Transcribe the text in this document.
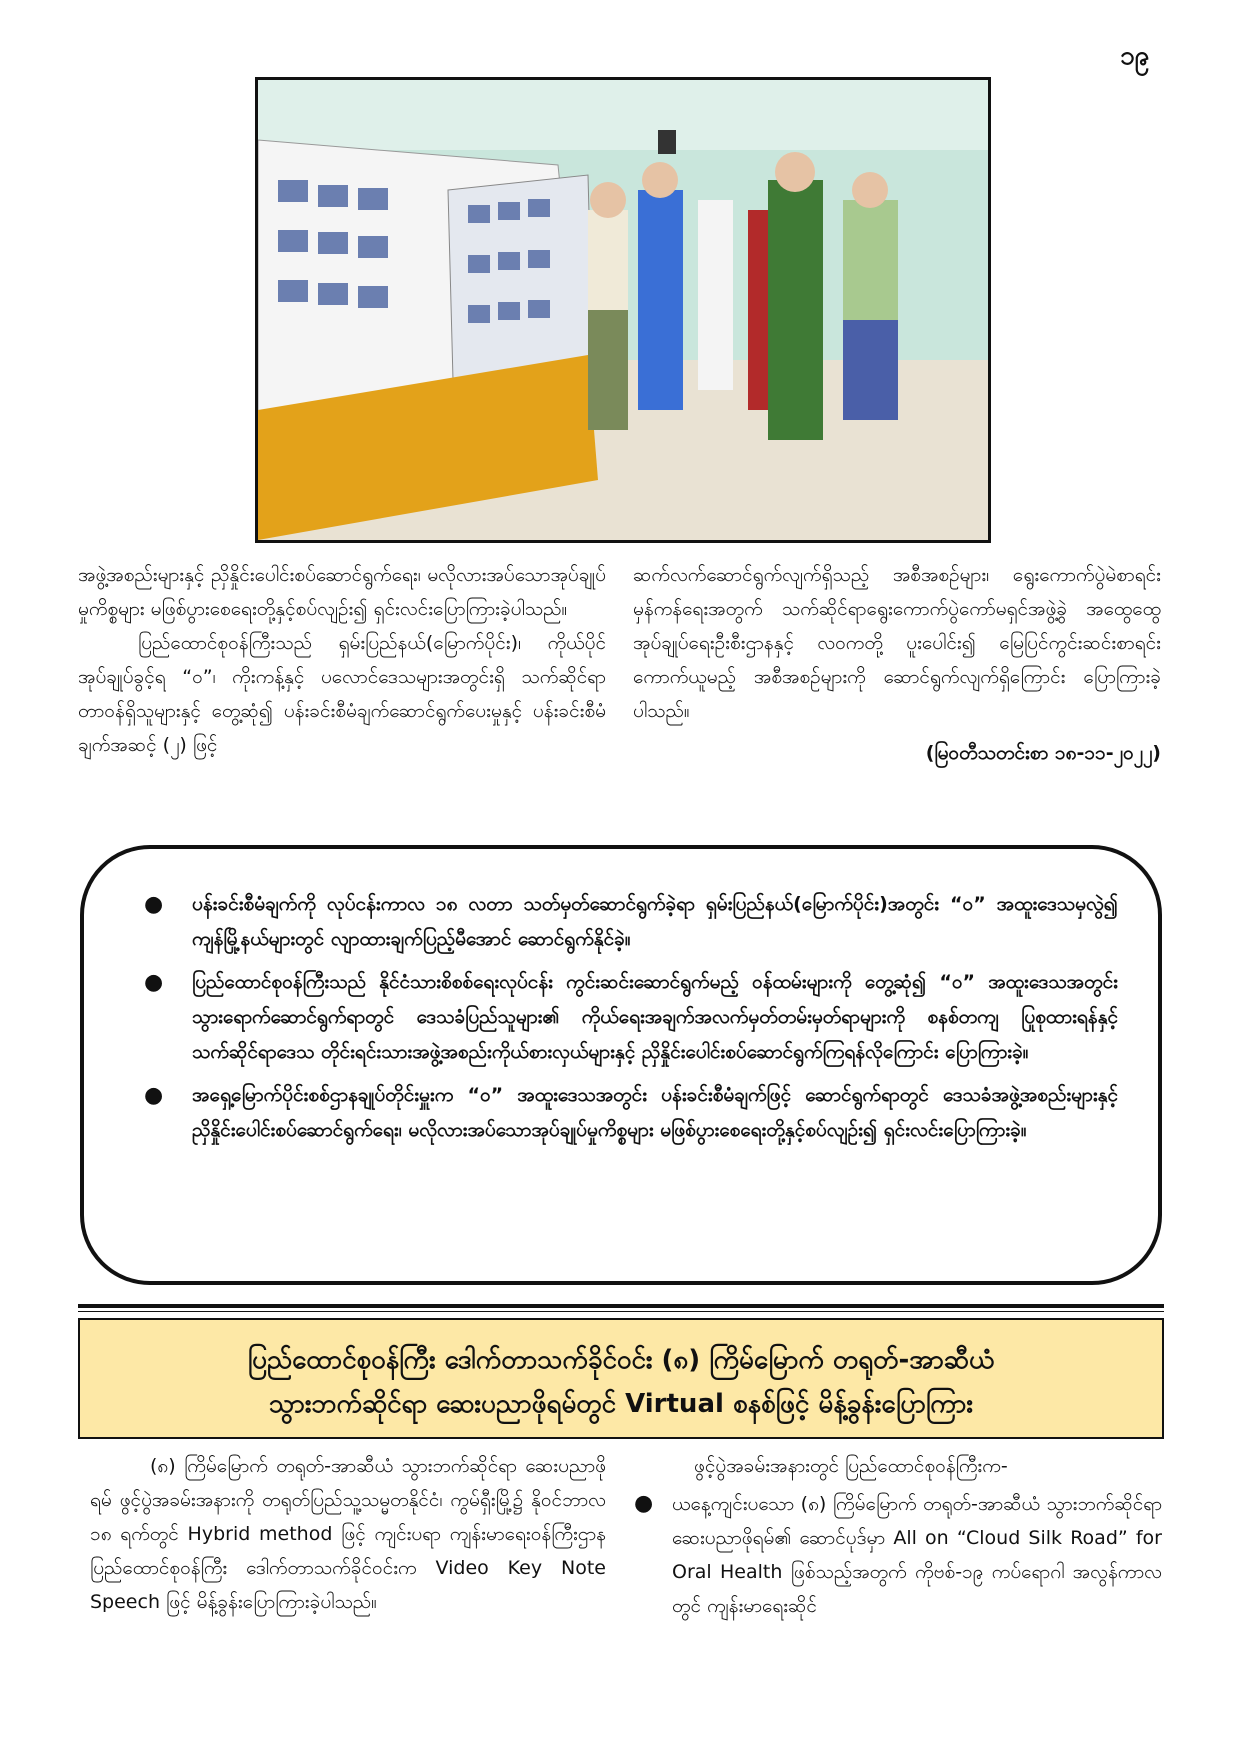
၁၉

အဖွဲ့အစည်းများနှင့် ညှိနှိုင်းပေါင်းစပ်ဆောင်ရွက်ရေး၊ မလိုလားအပ်သောအုပ်ချုပ်မှုကိစ္စများ မဖြစ်ပွားစေရေးတို့နှင့်စပ်လျဉ်း၍ ရှင်းလင်းပြောကြားခဲ့ပါသည်။

ပြည်ထောင်စုဝန်ကြီးသည် ရှမ်းပြည်နယ်(မြောက်ပိုင်း)၊ ကိုယ်ပိုင်အုပ်ချုပ်ခွင့်ရ “ဝ”၊ ကိုးကန့်နှင့် ပလောင်ဒေသများအတွင်းရှိ သက်ဆိုင်ရာတာဝန်ရှိသူများနှင့် တွေ့ဆုံ၍ ပန်းခင်းစီမံချက်ဆောင်ရွက်ပေးမှုနှင့် ပန်းခင်းစီမံချက်အဆင့် (၂) ဖြင့်

ဆက်လက်ဆောင်ရွက်လျက်ရှိသည့် အစီအစဉ်များ၊ ရွေးကောက်ပွဲမဲစာရင်းမှန်ကန်ရေးအတွက် သက်ဆိုင်ရာရွေးကောက်ပွဲကော်မရှင်အဖွဲ့ခွဲ အထွေထွေအုပ်ချုပ်ရေးဦးစီးဌာနနှင့် လဝကတို့ ပူးပေါင်း၍ မြေပြင်ကွင်းဆင်းစာရင်းကောက်ယူမည့် အစီအစဉ်များကို ဆောင်ရွက်လျက်ရှိကြောင်း ပြောကြားခဲ့ပါသည်။

(မြဝတီသတင်းစာ ၁၈-၁၁-၂၀၂၂)

● ပန်းခင်းစီမံချက်ကို လုပ်ငန်းကာလ ၁၈ လတာ သတ်မှတ်ဆောင်ရွက်ခဲ့ရာ ရှမ်းပြည်နယ်(မြောက်ပိုင်း)အတွင်း “ဝ” အထူးဒေသမှလွဲ၍ ကျန်မြို့နယ်များတွင် လျာထားချက်ပြည့်မီအောင် ဆောင်ရွက်နိုင်ခဲ့။
● ပြည်ထောင်စုဝန်ကြီးသည် နိုင်ငံသားစိစစ်ရေးလုပ်ငန်း ကွင်းဆင်းဆောင်ရွက်မည့် ဝန်ထမ်းများကို တွေ့ဆုံ၍ “ဝ” အထူးဒေသအတွင်း သွားရောက်ဆောင်ရွက်ရာတွင် ဒေသခံပြည်သူများ၏ ကိုယ်ရေးအချက်အလက်မှတ်တမ်းမှတ်ရာများကို စနစ်တကျ ပြုစုထားရန်နှင့် သက်ဆိုင်ရာဒေသ တိုင်းရင်းသားအဖွဲ့အစည်းကိုယ်စားလှယ်များနှင့် ညှိနှိုင်းပေါင်းစပ်ဆောင်ရွက်ကြရန်လိုကြောင်း ပြောကြားခဲ့။
● အရှေ့မြောက်ပိုင်းစစ်ဌာနချုပ်တိုင်းမှူးက “ဝ” အထူးဒေသအတွင်း ပန်းခင်းစီမံချက်ဖြင့် ဆောင်ရွက်ရာတွင် ဒေသခံအဖွဲ့အစည်းများနှင့် ညှိနှိုင်းပေါင်းစပ်ဆောင်ရွက်ရေး၊ မလိုလားအပ်သောအုပ်ချုပ်မှုကိစ္စများ မဖြစ်ပွားစေရေးတို့နှင့်စပ်လျဉ်း၍ ရှင်းလင်းပြောကြားခဲ့။
ပြည်ထောင်စုဝန်ကြီး ဒေါက်တာသက်ခိုင်ဝင်း (၈) ကြိမ်မြောက် တရုတ်-အာဆီယံ
သွားဘက်ဆိုင်ရာ ဆေးပညာဖိုရမ်တွင် Virtual စနစ်ဖြင့် မိန့်ခွန်းပြောကြား

(၈) ကြိမ်မြောက် တရုတ်-အာဆီယံ သွားဘက်ဆိုင်ရာ ဆေးပညာဖိုရမ် ဖွင့်ပွဲအခမ်းအနားကို တရုတ်ပြည်သူ့သမ္မတနိုင်ငံ၊ ကွမ်ရှီးမြို့၌ နိုဝင်ဘာလ ၁၈ ရက်တွင် Hybrid method ဖြင့် ကျင်းပရာ ကျန်းမာရေးဝန်ကြီးဌာန ပြည်ထောင်စုဝန်ကြီး ဒေါက်တာသက်ခိုင်ဝင်းက Video Key Note Speech ဖြင့် မိန့်ခွန်းပြောကြားခဲ့ပါသည်။

ဖွင့်ပွဲအခမ်းအနားတွင် ပြည်ထောင်စုဝန်ကြီးက-

● ယနေ့ကျင်းပသော (၈) ကြိမ်မြောက် တရုတ်-အာဆီယံ သွားဘက်ဆိုင်ရာဆေးပညာဖိုရမ်၏ ဆောင်ပုဒ်မှာ All on “Cloud Silk Road” for Oral Health ဖြစ်သည့်အတွက် ကိုဗစ်-၁၉ ကပ်ရောဂါ အလွန်ကာလတွင် ကျန်းမာရေးဆိုင်
